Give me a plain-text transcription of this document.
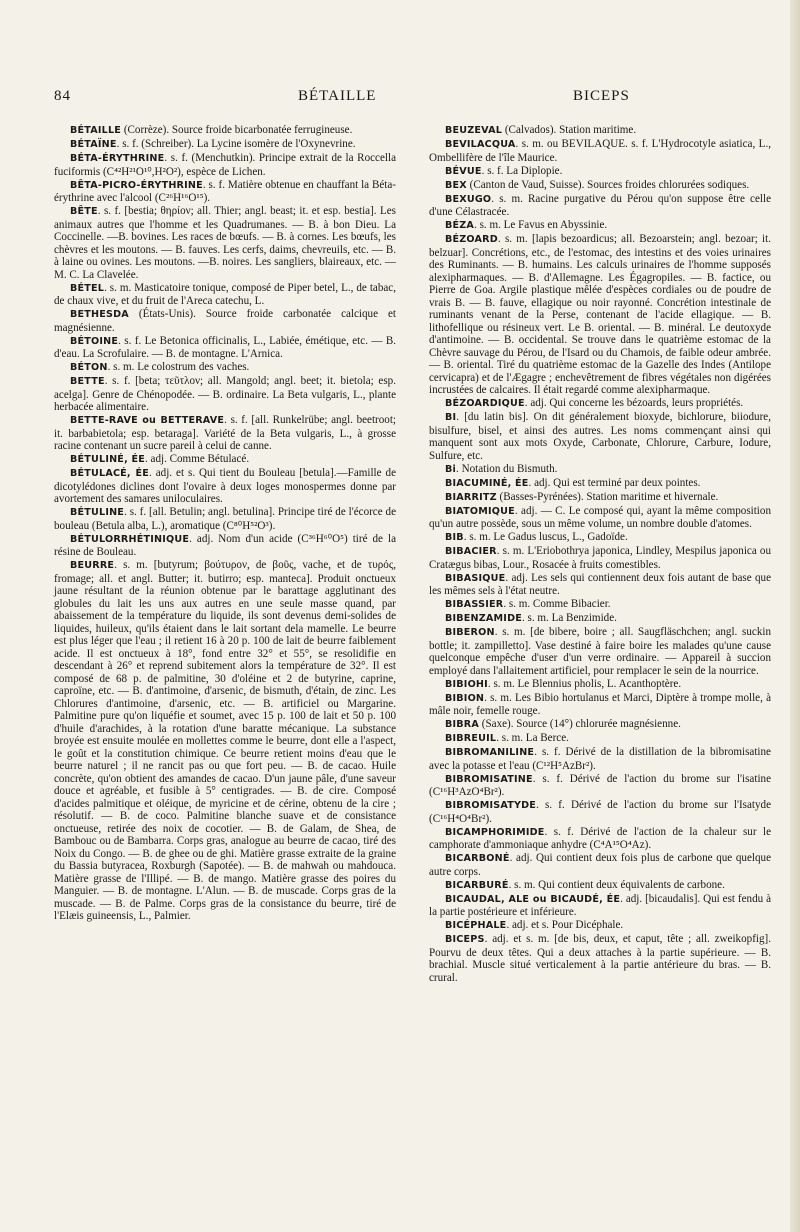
84	BÉTAILLE	BICEPS

BÉTAILLE (Corrèze). Source froide bicarbonatée ferrugineuse.

BÉTAÏNE. s. f. (Schreiber). La Lycine isomère de l'Oxynevrine.

BÉTA-ÉRYTHRINE. s. f. (Menchutkin). Principe extrait de la Roccella fuciformis (C⁴²H²¹O¹⁰,H²O²), espèce de Lichen.

BÊTA-PICRO-ÉRYTHRINE. s. f. Matière obtenue en chauffant la Béta-érythrine avec l'alcool (C²⁶H¹⁶O¹⁵).

BÊTE. s. f. [bestia; θηρίον; all. Thier; angl. beast; it. et esp. bestia]. Les animaux autres que l'homme et les Quadrumanes. — B. à bon Dieu. La Coccinelle. —B. bovines. Les races de bœufs. — B. à cornes. Les bœufs, les chèvres et les moutons. — B. fauves. Les cerfs, daims, chevreuils, etc. — B. à laine ou ovines. Les moutons. —B. noires. Les sangliers, blaireaux, etc. —M. C. La Clavelée.

BÉTEL. s. m. Masticatoire tonique, composé de Piper betel, L., de tabac, de chaux vive, et du fruit de l'Areca catechu, L.

BETHESDA (États-Unis). Source froide carbonatée calcique et magnésienne.

BÉTOINE. s. f. Le Betonica officinalis, L., Labiée, émétique, etc. — B. d'eau. La Scrofulaire. — B. de montagne. L'Arnica.

BÉTON. s. m. Le colostrum des vaches.

BETTE. s. f. [beta; τεῦτλον; all. Mangold; angl. beet; it. bietola; esp. acelga]. Genre de Chénopodée. — B. ordinaire. La Beta vulgaris, L., plante herbacée alimentaire.

BETTE-RAVE ou BETTERAVE. s. f. [all. Runkelrübe; angl. beetroot; it. barbabietola; esp. betaraga]. Variété de la Beta vulgaris, L., à grosse racine contenant un sucre pareil à celui de canne.

BÉTULINÉ, ÉE. adj. Comme Bétulacé.

BÉTULACÉ, ÉE. adj. et s. Qui tient du Bouleau [betula].—Famille de dicotylédones diclines dont l'ovaire à deux loges monospermes donne par avortement des samares uniloculaires.

BÉTULINE. s. f. [all. Betulin; angl. betulina]. Principe tiré de l'écorce de bouleau (Betula alba, L.), aromatique (C⁸⁰H⁵²O³).

BÉTULORRHÉTINIQUE. adj. Nom d'un acide (C³⁶H⁶⁰O⁵) tiré de la résine de Bouleau.

BEURRE. s. m. [butyrum; βούτυρον, de βοῦς, vache, et de τυρός, fromage; all. et angl. Butter; it. butirro; esp. manteca]. Produit onctueux jaune résultant de la réunion obtenue par le barattage agglutinant des globules du lait les uns aux autres en une seule masse quand, par abaissement de la température du liquide, ils sont devenus demi-solides de liquides, huileux, qu'ils étaient dans le lait sortant dela mamelle. Le beurre est plus léger que l'eau ; il retient 16 à 20 p. 100 de lait de beurre faiblement acide. Il est onctueux à 18°, fond entre 32° et 55°, se resolidifie en descendant à 26° et reprend subitement alors la température de 32°. Il est composé de 68 p. de palmitine, 30 d'oléine et 2 de butyrine, caprine, caproïne, etc. — B. d'antimoine, d'arsenic, de bismuth, d'étain, de zinc. Les Chlorures d'antimoine, d'arsenic, etc. — B. artificiel ou Margarine. Palmitine pure qu'on liquéfie et soumet, avec 15 p. 100 de lait et 50 p. 100 d'huile d'arachides, à la rotation d'une baratte mécanique. La substance broyée est ensuite moulée en mollettes comme le beurre, dont elle a l'aspect, le goût et la constitution chimique. Ce beurre retient moins d'eau que le beurre naturel ; il ne rancit pas ou que fort peu. — B. de cacao. Huile concrète, qu'on obtient des amandes de cacao. D'un jaune pâle, d'une saveur douce et agréable, et fusible à 5° centigrades. — B. de cire. Composé d'acides palmitique et oléique, de myricine et de cérine, obtenu de la cire ; résolutif. — B. de coco. Palmitine blanche suave et de consistance onctueuse, retirée des noix de cocotier. — B. de Galam, de Shea, de Bambouc ou de Bambarra. Corps gras, analogue au beurre de cacao, tiré des Noix du Congo. — B. de ghee ou de ghi. Matière grasse extraite de la graine du Bassia butyracea, Roxburgh (Sapotée). — B. de mahwah ou mahdouca. Matière grasse de l'Illipé. — B. de mango. Matière grasse des poires du Manguier. — B. de montagne. L'Alun. — B. de muscade. Corps gras de la muscade. — B. de Palme. Corps gras de la consistance du beurre, tiré de l'Elæis guineensis, L., Palmier.

BEUZEVAL (Calvados). Station maritime.

BEVILACQUA. s. m. ou BEVILAQUE. s. f. L'Hydrocotyle asiatica, L., Ombellifère de l'île Maurice.

BÉVUE. s. f. La Diplopie.

BEX (Canton de Vaud, Suisse). Sources froides chlorurées sodiques.

BEXUGO. s. m. Racine purgative du Pérou qu'on suppose être celle d'une Célastracée.

BÉZA. s. m. Le Favus en Abyssinie.

BÉZOARD. s. m. [lapis bezoardicus; all. Bezoarstein; angl. bezoar; it. belzuar]. Concrétions, etc., de l'estomac, des intestins et des voies urinaires des Ruminants. — B. humains. Les calculs urinaires de l'homme supposés alexipharmaques. — B. d'Allemagne. Les Égagropiles. — B. factice, ou Pierre de Goa. Argile plastique mêlée d'espèces cordiales ou de poudre de vrais B. — B. fauve, ellagique ou noir rayonné. Concrétion intestinale de ruminants venant de la Perse, contenant de l'acide ellagique. — B. lithofellique ou résineux vert. Le B. oriental. — B. minéral. Le deutoxyde d'antimoine. — B. occidental. Se trouve dans le quatrième estomac de la Chèvre sauvage du Pérou, de l'Isard ou du Chamois, de faible odeur ambrée. — B. oriental. Tiré du quatrième estomac de la Gazelle des Indes (Antilope cervicapra) et de l'Ægagre ; enchevêtrement de fibres végétales non digérées incrustées de calcaires. Il était regardé comme alexipharmaque.

BÉZOARDIQUE. adj. Qui concerne les bézoards, leurs propriétés.

BI. [du latin bis]. On dit généralement bioxyde, bichlorure, biiodure, bisulfure, bisel, et ainsi des autres. Les noms commençant ainsi qui manquent sont aux mots Oxyde, Carbonate, Chlorure, Carbure, Iodure, Sulfure, etc.

Bi. Notation du Bismuth.

BIACUMINÉ, ÉE. adj. Qui est terminé par deux pointes.

BIARRITZ (Basses-Pyrénées). Station maritime et hivernale.

BIATOMIQUE. adj. — C. Le composé qui, ayant la même composition qu'un autre possède, sous un même volume, un nombre double d'atomes.

BIB. s. m. Le Gadus luscus, L., Gadoïde.

BIBACIER. s. m. L'Eriobothrya japonica, Lindley, Mespilus japonica ou Cratægus bibas, Lour., Rosacée à fruits comestibles.

BIBASIQUE. adj. Les sels qui contiennent deux fois autant de base que les mêmes sels à l'état neutre.

BIBASSIER. s. m. Comme Bibacier.

BIBENZAMIDE. s. m. La Benzimide.

BIBERON. s. m. [de bibere, boire ; all. Saugfläschchen; angl. suckin bottle; it. zampilletto]. Vase destiné à faire boire les malades qu'une cause quelconque empêche d'user d'un verre ordinaire. — Appareil à succion employé dans l'allaitement artificiel, pour remplacer le sein de la nourrice.

BIBIOHI. s. m. Le Blennius pholis, L. Acanthoptère.

BIBION. s. m. Les Bibio hortulanus et Marci, Diptère à trompe molle, à mâle noir, femelle rouge.

BIBRA (Saxe). Source (14°) chlorurée magnésienne.

BIBREUIL. s. m. La Berce.

BIBROMANILINE. s. f. Dérivé de la distillation de la bibromisatine avec la potasse et l'eau (C¹²H⁵AzBr²).

BIBROMISATINE. s. f. Dérivé de l'action du brome sur l'isatine (C¹⁶H³AzO⁴Br²).

BIBROMISATYDE. s. f. Dérivé de l'action du brome sur l'Isatyde (C¹⁶H⁴O⁴Br²).

BICAMPHORIMIDE. s. f. Dérivé de l'action de la chaleur sur le camphorate d'ammoniaque anhydre (C⁴A¹⁵O⁴Az).

BICARBONÉ. adj. Qui contient deux fois plus de carbone que quelque autre corps.

BICARBURÉ. s. m. Qui contient deux équivalents de carbone.

BICAUDAL, ALE ou BICAUDÉ, ÉE. adj. [bicaudalis]. Qui est fendu à la partie postérieure et inférieure.

BICÉPHALE. adj. et s. Pour Dicéphale.

BICEPS. adj. et s. m. [de bis, deux, et caput, tête ; all. zweikopfig]. Pourvu de deux têtes. Qui a deux attaches à la partie supérieure. — B. brachial. Muscle situé verticalement à la partie antérieure du bras. — B. crural.
